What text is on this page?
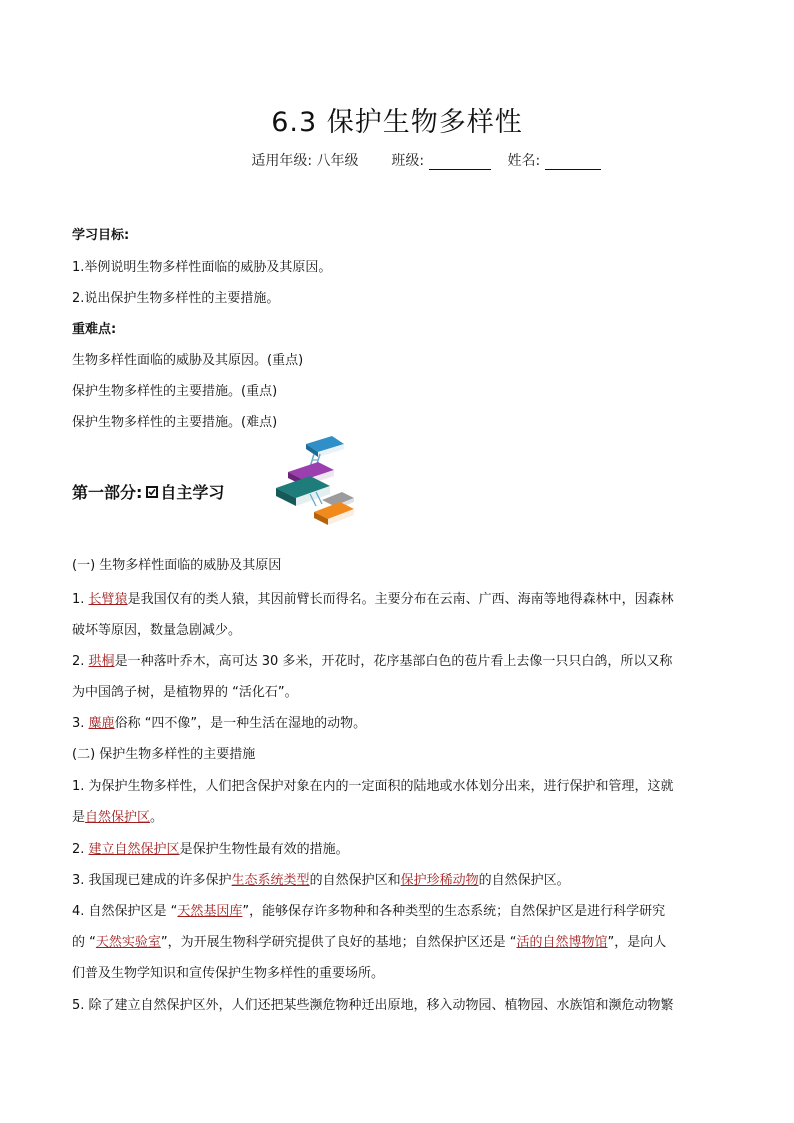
6.3 保护生物多样性
适用年级: 八年级 班级:	姓名:
学习目标:
1.举例说明生物多样性面临的威胁及其原因。
2.说出保护生物多样性的主要措施。
重难点:
生物多样性面临的威胁及其原因。(重点)
保护生物多样性的主要措施。(重点)
保护生物多样性的主要措施。(难点)
第一部分: 自主学习
(一) 生物多样性面临的威胁及其原因
1. 长臂猿是我国仅有的类人猿，其因前臂长而得名。主要分布在云南、广西、海南等地得森林中，因森林
破坏等原因，数量急剧减少。
2. 珙桐是一种落叶乔木，高可达 30 多米，开花时，花序基部白色的苞片看上去像一只只白鸽，所以又称
为中国鸽子树，是植物界的 “活化石”。
3. 麋鹿俗称 “四不像”，是一种生活在湿地的动物。
(二) 保护生物多样性的主要措施
1. 为保护生物多样性，人们把含保护对象在内的一定面积的陆地或水体划分出来，进行保护和管理，这就
是自然保护区。
2. 建立自然保护区是保护生物性最有效的措施。
3. 我国现已建成的许多保护生态系统类型的自然保护区和保护珍稀动物的自然保护区。
4. 自然保护区是 “天然基因库”，能够保存许多物种和各种类型的生态系统；自然保护区是进行科学研究
的 “天然实验室”，为开展生物科学研究提供了良好的基地；自然保护区还是 “活的自然博物馆”，是向人
们普及生物学知识和宣传保护生物多样性的重要场所。
5. 除了建立自然保护区外，人们还把某些濒危物种迁出原地，移入动物园、植物园、水族馆和濒危动物繁
